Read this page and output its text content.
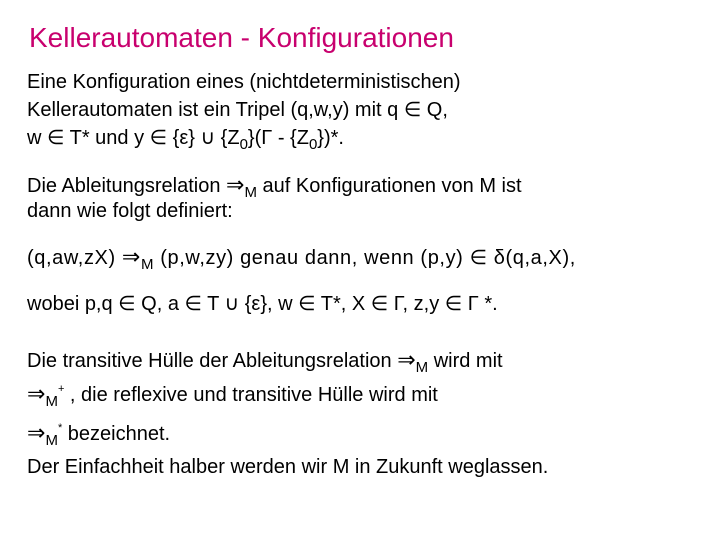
Kellerautomaten - Konfigurationen
Eine Konfiguration eines (nichtdeterministischen)
Kellerautomaten ist ein Tripel (q,w,y) mit q ∈ Q,
w ∈ T* und y ∈ {ε} ∪ $\{Z_0\}(\Gamma - \{Z_0\})*$.
Die Ableitungsrelation $\Rightarrow_M$ auf Konfigurationen von M ist
dann wie folgt definiert:
(q,aw,zX) $\Rightarrow_M$ (p,w,zy) genau dann, wenn (p,y) ∈ δ(q,a,X),
wobei p,q ∈ Q, a ∈ T ∪ {ε}, w ∈ T*, X ∈ Γ, z,y ∈ Γ *.
Die transitive Hülle der Ableitungsrelation $\Rightarrow_M$ wird mit
$\Rightarrow_M^+$ , die reflexive und transitive Hülle wird mit
$\Rightarrow_M^*$ bezeichnet.
Der Einfachheit halber werden wir M in Zukunft weglassen.
